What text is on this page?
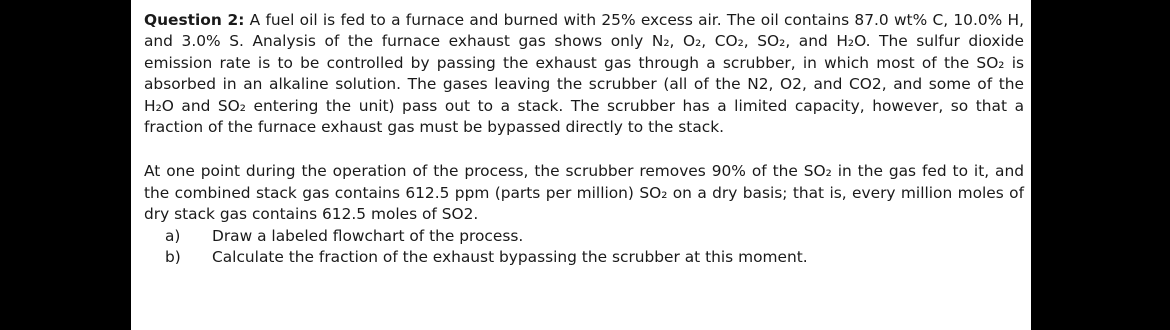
Question 2: A fuel oil is fed to a furnace and burned with 25% excess air. The oil contains 87.0 wt% C, 10.0% H, and 3.0% S. Analysis of the furnace exhaust gas shows only N₂, O₂, CO₂, SO₂, and H₂O. The sulfur dioxide emission rate is to be controlled by passing the exhaust gas through a scrubber, in which most of the SO₂ is absorbed in an alkaline solution. The gases leaving the scrubber (all of the N2, O2, and CO2, and some of the H₂O and SO₂ entering the unit) pass out to a stack. The scrubber has a limited capacity, however, so that a fraction of the furnace exhaust gas must be bypassed directly to the stack.

At one point during the operation of the process, the scrubber removes 90% of the SO₂ in the gas fed to it, and the combined stack gas contains 612.5 ppm (parts per million) SO₂ on a dry basis; that is, every million moles of dry stack gas contains 612.5 moles of SO2.

a)	Draw a labeled flowchart of the process.
b)	Calculate the fraction of the exhaust bypassing the scrubber at this moment.
